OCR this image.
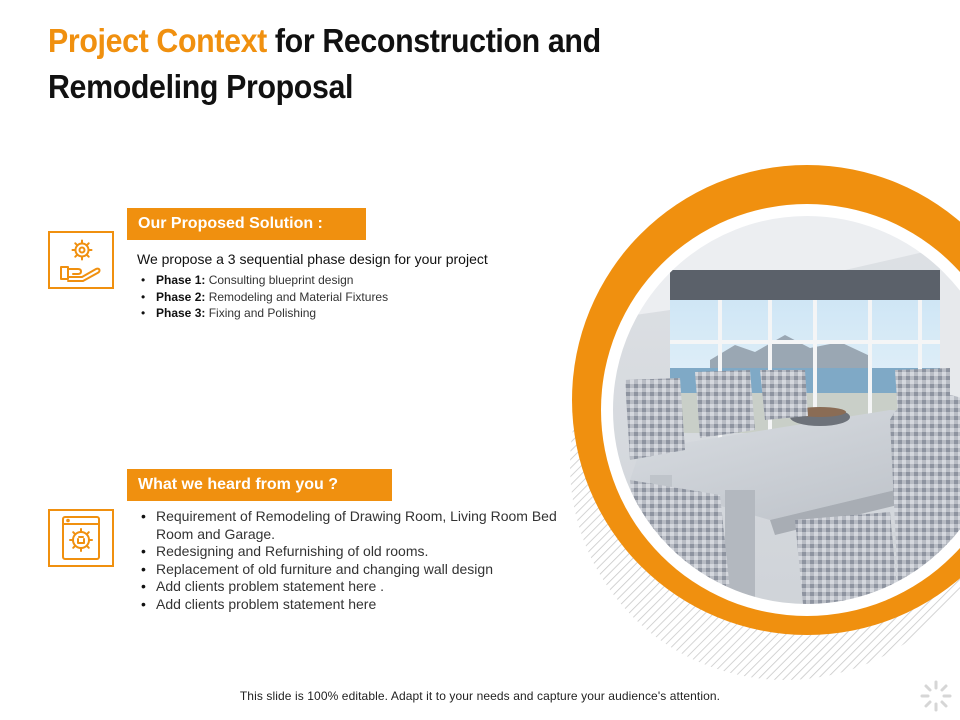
Project Context for Reconstruction and Remodeling Proposal
Our Proposed Solution :
We propose a 3 sequential phase design for your project
• Phase 1: Consulting blueprint design
• Phase 2: Remodeling and Material Fixtures
• Phase 3: Fixing and Polishing
What we heard from you ?
• Requirement of Remodeling of Drawing Room, Living Room Bed Room and Garage.
• Redesigning and Refurnishing of old rooms.
• Replacement of old furniture and changing wall design
• Add clients problem statement here .
• Add clients problem statement here
This slide is 100% editable. Adapt it to your needs and capture your audience's attention.
